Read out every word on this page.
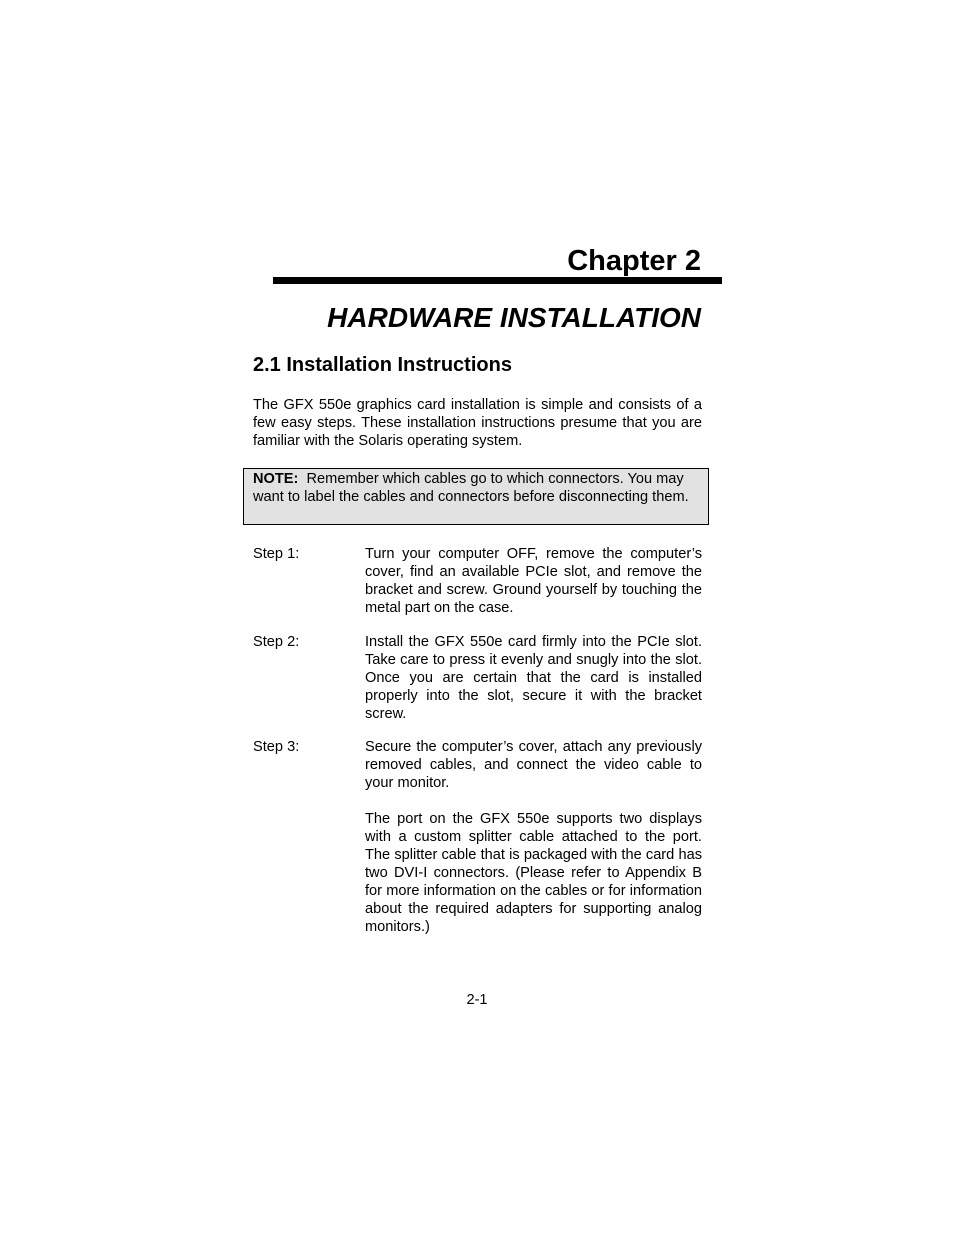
Chapter 2
HARDWARE INSTALLATION
2.1 Installation Instructions

The GFX 550e graphics card installation is simple and consists of a few easy steps. These installation instructions presume that you are familiar with the Solaris operating system.

NOTE: Remember which cables go to which connectors. You may want to label the cables and connectors before disconnecting them.
Step 1:	Turn your computer OFF, remove the computer’s cover, find an available PCIe slot, and remove the bracket and screw. Ground yourself by touching the metal part on the case.

Step 2:	Install the GFX 550e card firmly into the PCIe slot. Take care to press it evenly and snugly into the slot. Once you are certain that the card is installed properly into the slot, secure it with the bracket screw.

Step 3:	Secure the computer’s cover, attach any previously removed cables, and connect the video cable to your monitor.

The port on the GFX 550e supports two displays with a custom splitter cable attached to the port. The splitter cable that is packaged with the card has two DVI-I connectors. (Please refer to Appendix B for more information on the cables or for information about the required adapters for supporting analog monitors.)

2-1
